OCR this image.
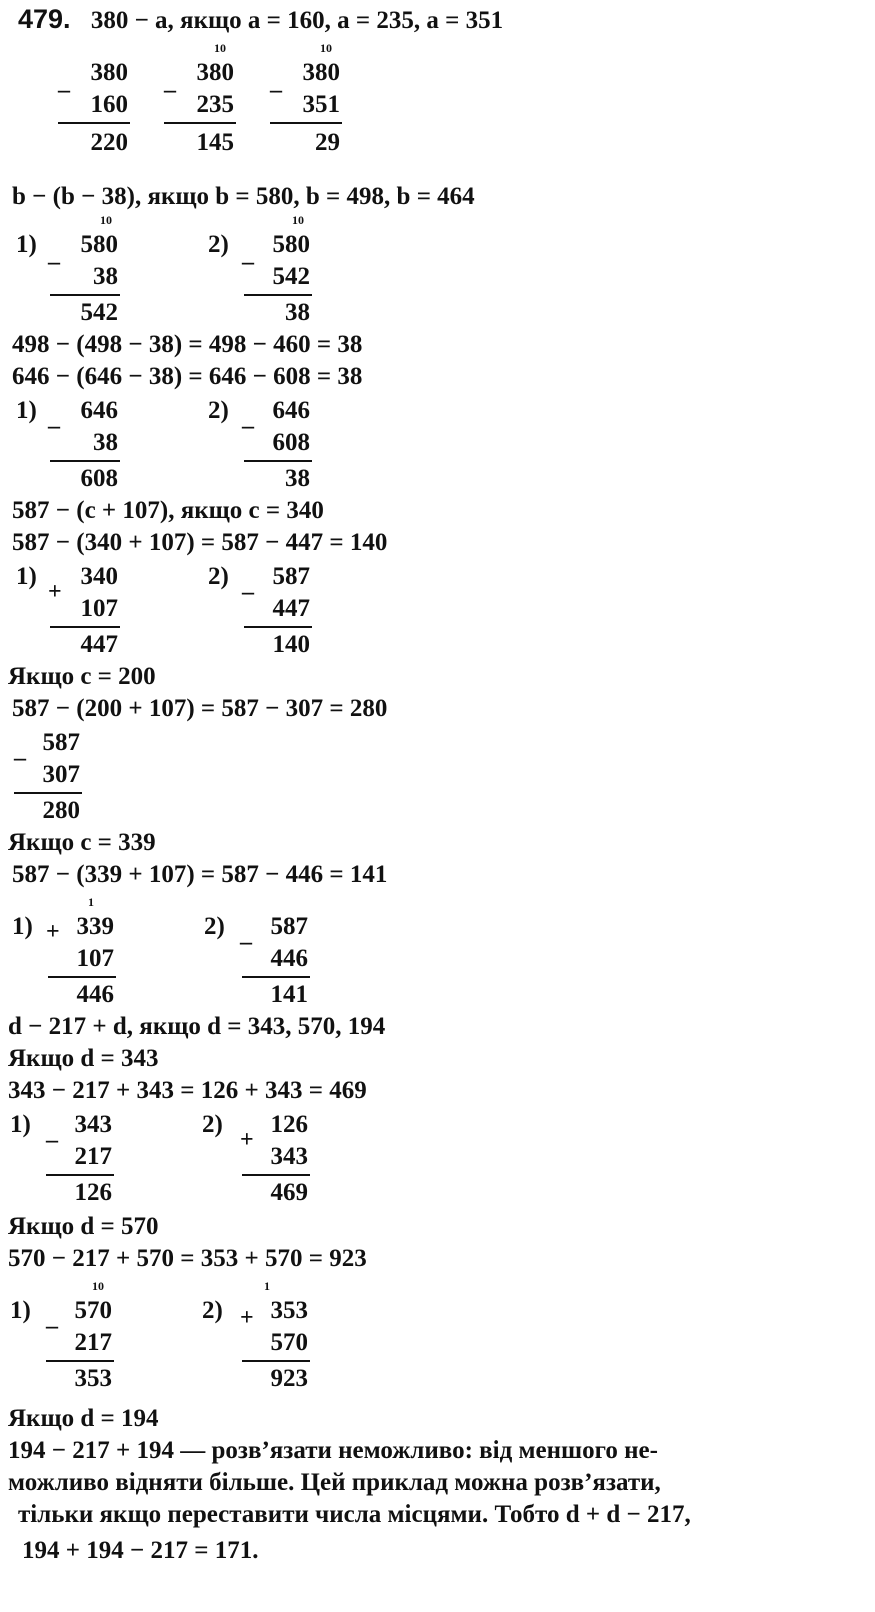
479. 380 − a, якщо a = 160, a = 235, a = 351
_ 380
160
220
10
_ 380
235
145
10
_ 380
351
29
b − (b − 38), якщо b = 580, b = 498, b = 464
1)
10
_ 580
38
542
2)
10
_ 580
542
38
498 − (498 − 38) = 498 − 460 = 38
646 − (646 − 38) = 646 − 608 = 38
1) _ 646
38
608
2) _ 646
608
38
587 − (c + 107), якщо c = 340
587 − (340 + 107) = 587 − 447 = 140
1)
+
340
107
447
2) _ 587
447
140
Якщо c = 200
587 − (200 + 107) = 587 − 307 = 280
_ 587
307
280
Якщо c = 339
587 − (339 + 107) = 587 − 446 = 141
1)
1
+ 339
107
446
2) _ 587
446
141
d − 217 + d, якщо d = 343, 570, 194
Якщо d = 343
343 − 217 + 343 = 126 + 343 = 469
1) _ 343
217
126
2)
+
126
343
469
Якщо d = 570
570 − 217 + 570 = 353 + 570 = 923
1)
10
_ 570
217
353
2)
1
+ 353
570
923
Якщо d = 194
194 − 217 + 194 — розв’язати неможливо: від меншого не-
можливо відняти більше. Цей приклад можна розв’язати,
тільки якщо переставити числа місцями. Тобто d + d − 217,
194 + 194 − 217 = 171.
